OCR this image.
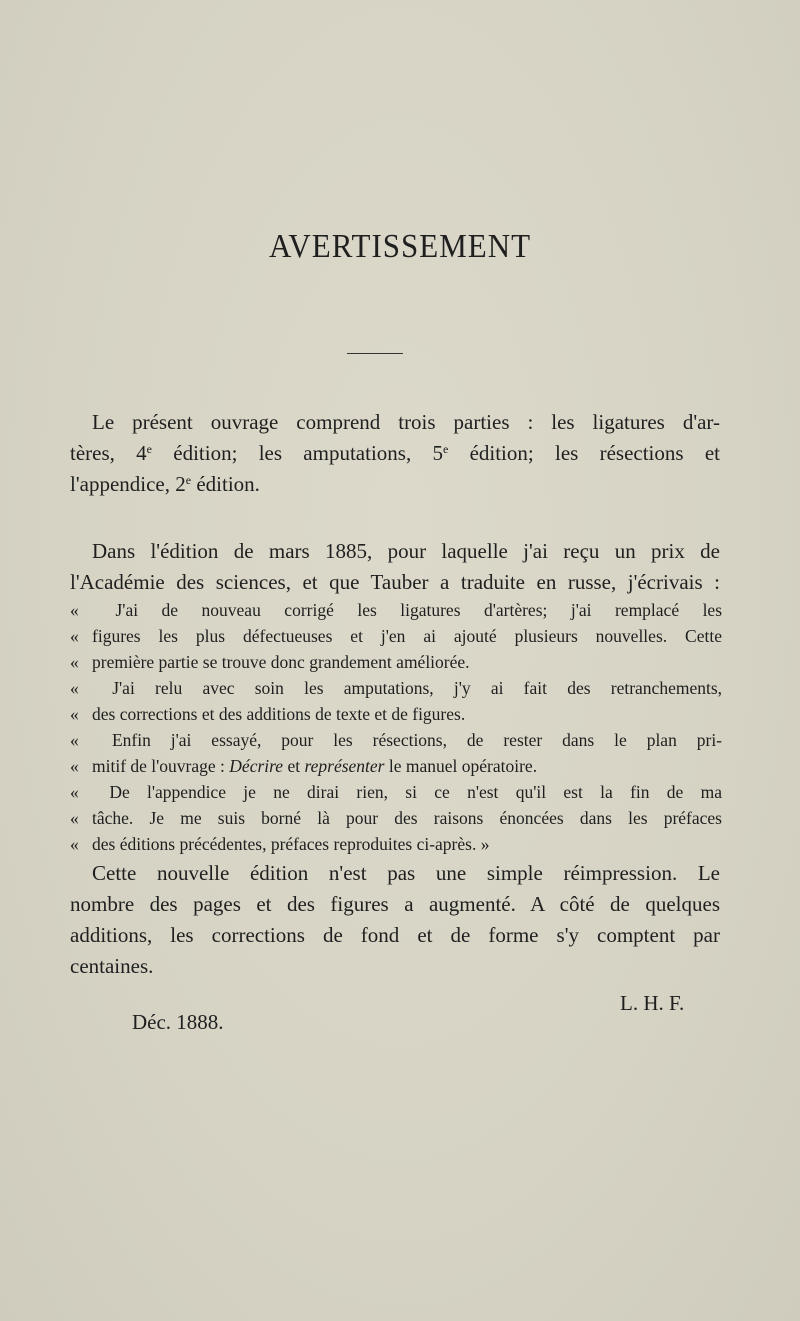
AVERTISSEMENT
Le présent ouvrage comprend trois parties : les ligatures d'ar-
tères, 4e édition; les amputations, 5e édition; les résections et
l'appendice, 2e édition.
Dans l'édition de mars 1885, pour laquelle j'ai reçu un prix de
l'Académie des sciences, et que Tauber a traduite en russe, j'écrivais :
« J'ai de nouveau corrigé les ligatures d'artères; j'ai remplacé les
« figures les plus défectueuses et j'en ai ajouté plusieurs nouvelles. Cette
« première partie se trouve donc grandement améliorée.
« J'ai relu avec soin les amputations, j'y ai fait des retranchements,
« des corrections et des additions de texte et de figures.
« Enfin j'ai essayé, pour les résections, de rester dans le plan pri-
« mitif de l'ouvrage : Décrire et représenter le manuel opératoire.
« De l'appendice je ne dirai rien, si ce n'est qu'il est la fin de ma
« tâche. Je me suis borné là pour des raisons énoncées dans les préfaces
« des éditions précédentes, préfaces reproduites ci-après. »
Cette nouvelle édition n'est pas une simple réimpression. Le
nombre des pages et des figures a augmenté. A côté de quelques
additions, les corrections de fond et de forme s'y comptent par
centaines.

L. H. F.

Déc. 1888.
